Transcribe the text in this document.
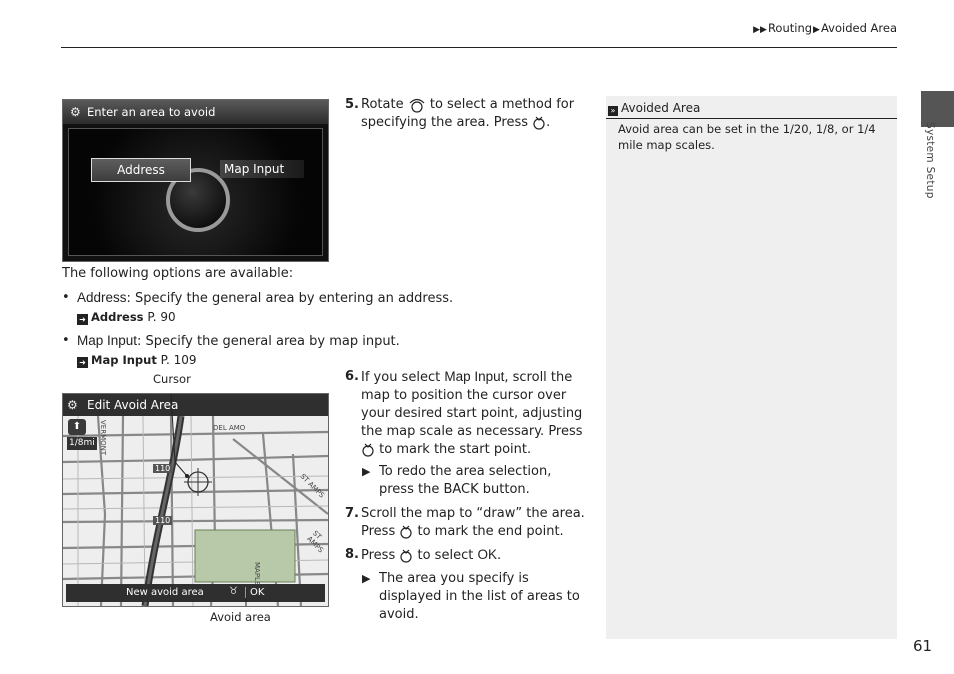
▶▶Routing▶Avoided Area
System Setup
⚙ Enter an area to avoid
Address	Map Input
5. Rotate to select a method for specifying the area. Press .
The following options are available:
• Address: Specify the general area by entering an address.
➜ Address P. 90
• Map Input: Specify the general area by map input.
➜ Map Input P. 109
Cursor
Avoid area
⚙ Edit Avoid Area
⬆
1/8mi
DEL AMO
VERMONT
ST AMPS
ST AMPS
MAPLE
110
110
New avoid area	♉	OK
6. If you select Map Input, scroll the map to position the cursor over your desired start point, adjusting the map scale as necessary. Press  to mark the start point.
▶ To redo the area selection, press the BACK button.
7. Scroll the map to “draw” the area. Press to mark the end point.
8. Press to select OK.
▶ The area you specify is displayed in the list of areas to avoid.
» Avoided Area
Avoid area can be set in the 1/20, 1/8, or 1/4 mile map scales.
61
